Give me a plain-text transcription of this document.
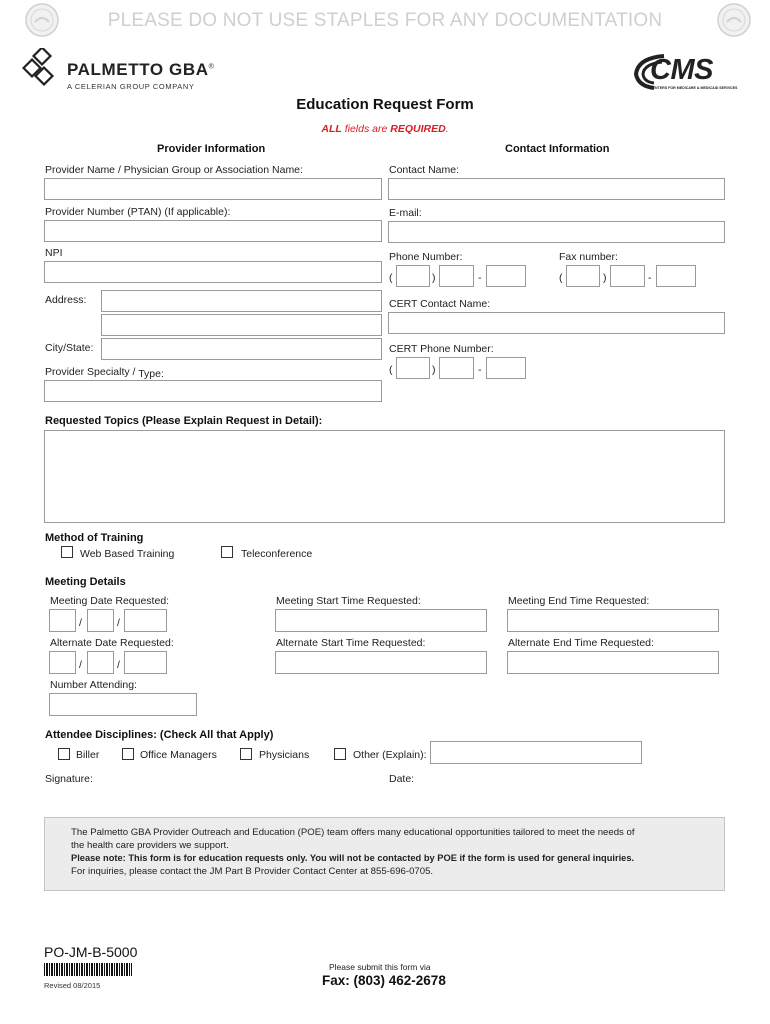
PLEASE DO NOT USE STAPLES FOR ANY DOCUMENTATION
PALMETTO GBA®
A CELERIAN GROUP COMPANY
CMS
CENTERS FOR MEDICARE & MEDICAID SERVICES
Education Request Form
ALL fields are REQUIRED.
Provider Information	Contact Information
Provider Name / Physician Group or Association Name:
Provider Number (PTAN) (If applicable):
NPI
Address:
City/State:
Provider Specialty / Type:
Contact Name:
E-mail:
Phone Number:
(	)	-
Fax number:
(	)	-
CERT Contact Name:
CERT Phone Number:
(	)	-
Requested Topics (Please Explain Request in Detail):
Method of Training
Web Based Training	Teleconference
Meeting Details
Meeting Date Requested:
/	/
Meeting Start Time Requested:	Meeting End Time Requested:
Alternate Date Requested:
/	/
Alternate Start Time Requested:	Alternate End Time Requested:
Number Attending:
Attendee Disciplines: (Check All that Apply)
Biller	Office Managers	Physicians	Other (Explain):
Signature:	Date:
The Palmetto GBA Provider Outreach and Education (POE) team offers many educational opportunities tailored to meet the needs of
the health care providers we support.
Please note: This form is for education requests only. You will not be contacted by POE if the form is used for general inquiries.
For inquiries, please contact the JM Part B Provider Contact Center at 855-696-0705.
PO-JM-B-5000
Revised 08/2015
Please submit this form via
Fax: (803) 462-2678
